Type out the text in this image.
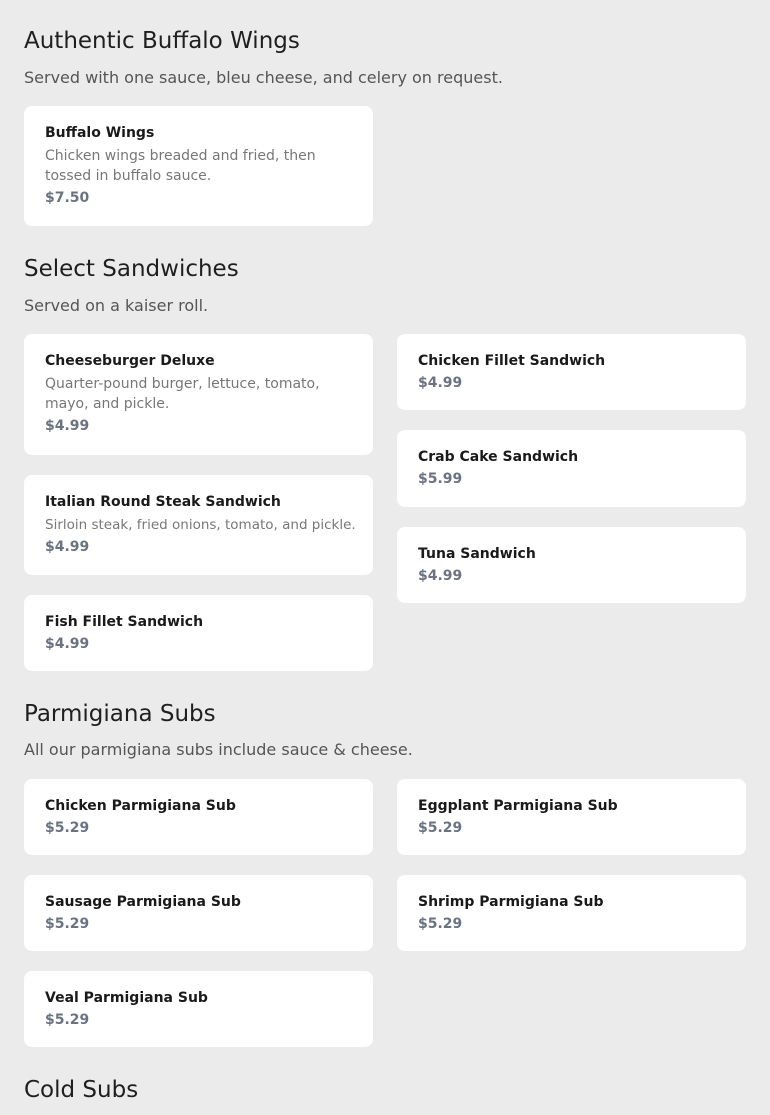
Authentic Buffalo Wings

Served with one sauce, bleu cheese, and celery on request.

Buffalo Wings
Chicken wings breaded and fried, then tossed in buffalo sauce.
$7.50
Select Sandwiches

Served on a kaiser roll.

Cheeseburger Deluxe
Quarter-pound burger, lettuce, tomato, mayo, and pickle.
$4.99
Chicken Fillet Sandwich
$4.99
Crab Cake Sandwich
$5.99
Italian Round Steak Sandwich
Sirloin steak, fried onions, tomato, and pickle.
$4.99	Tuna Sandwich
$4.99
Fish Fillet Sandwich
$4.99
Parmigiana Subs

All our parmigiana subs include sauce & cheese.

Chicken Parmigiana Sub
$5.29
Eggplant Parmigiana Sub
$5.29
Sausage Parmigiana Sub
$5.29
Shrimp Parmigiana Sub
$5.29
Veal Parmigiana Sub
$5.29
Cold Subs
